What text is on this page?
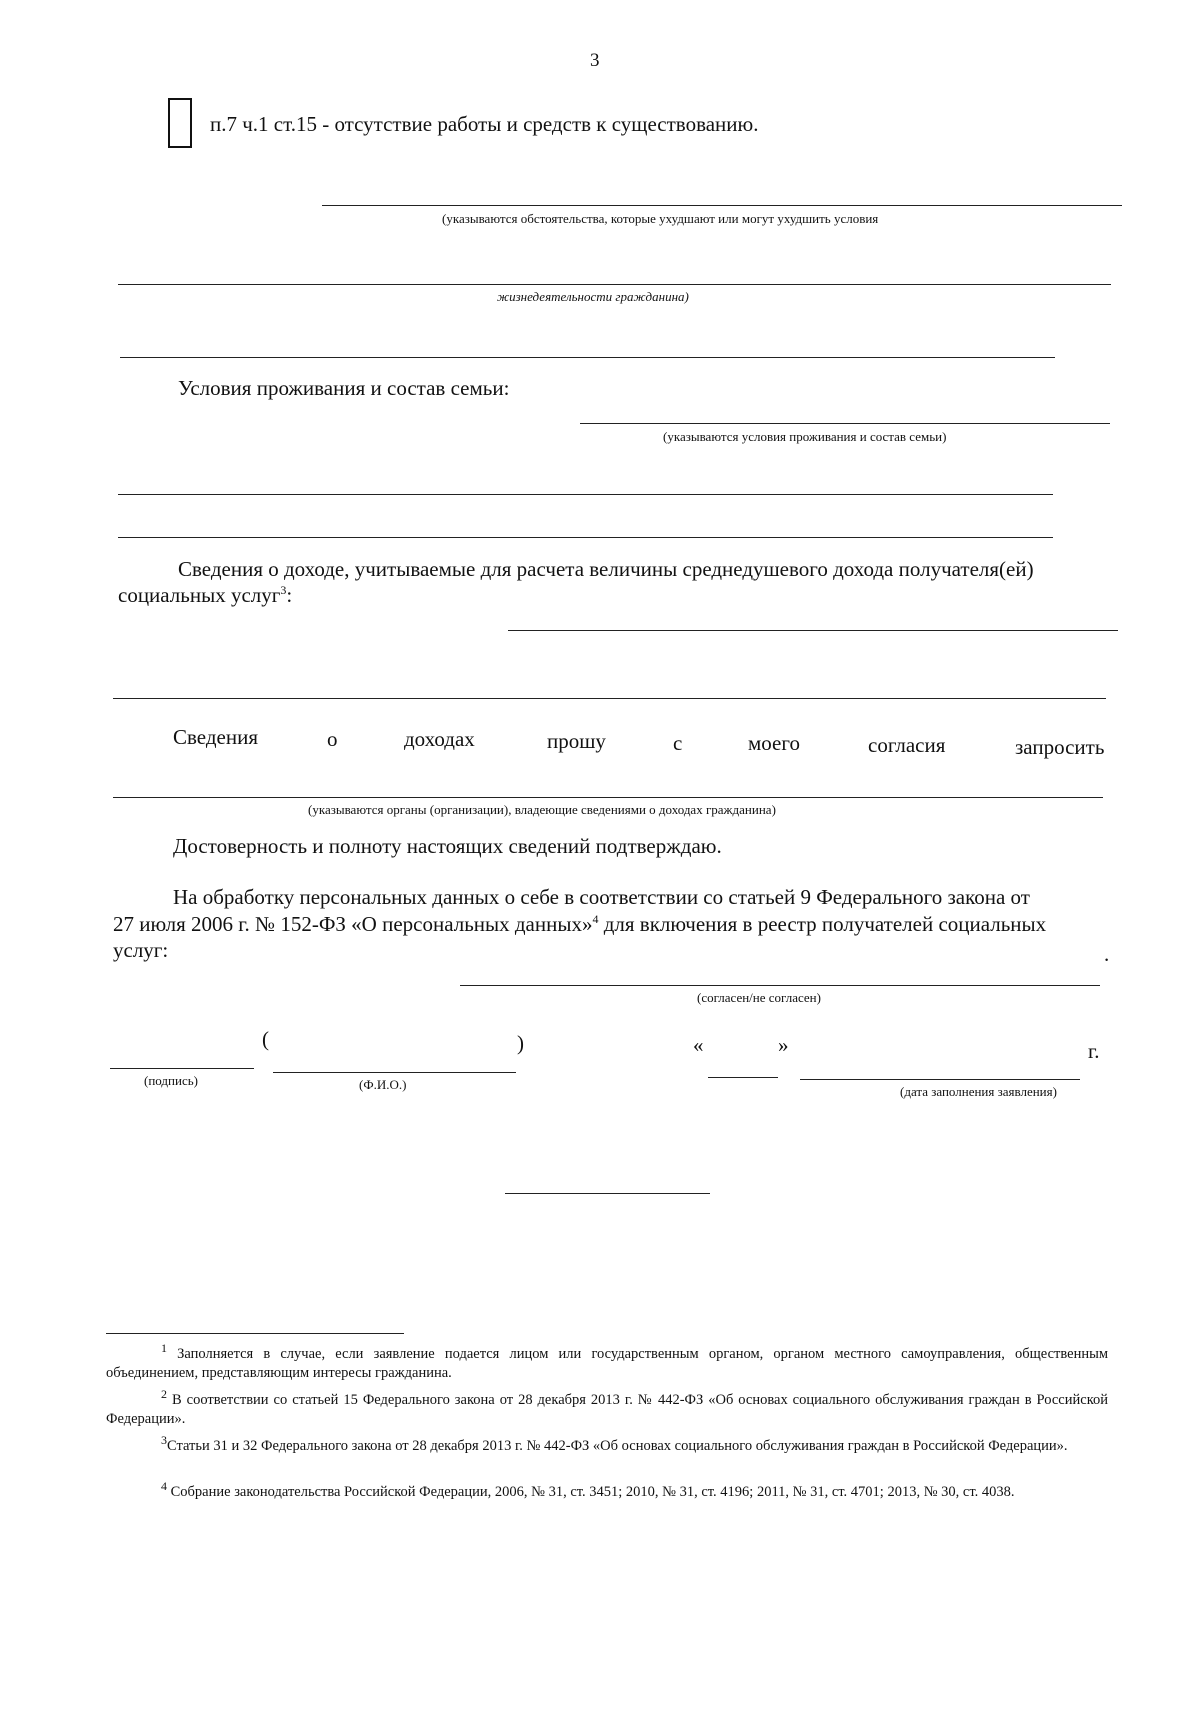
3
п.7 ч.1 ст.15 - отсутствие работы и средств к существованию.
(указываются обстоятельства, которые ухудшают или могут ухудшить условия
жизнедеятельности гражданина)
Условия проживания и состав семьи:
(указываются условия проживания и состав семьи)
Сведения о доходе, учитываемые для расчета величины среднедушевого дохода получателя(ей)
социальных услуг$^3$:
Сведения	о	доходах	прошу	с	моего	согласия	запросить
(указываются органы (организации), владеющие сведениями о доходах гражданина)
Достоверность и полноту настоящих сведений подтверждаю.
На обработку персональных данных о себе в соответствии со статьей 9 Федерального закона от
27 июля 2006 г. № 152-ФЗ «О персональных данных»$^4$ для включения в реестр получателей социальных
услуг:	.
(согласен/не согласен)
(	)	«	»	г.
(подпись)	(Ф.И.О.)	(дата заполнения заявления)
$^1$ Заполняется в случае, если заявление подается лицом или государственным органом, органом местного самоуправления, общественным объединением, представляющим интересы гражданина.
$^2$ В соответствии со статьей 15 Федерального закона от 28 декабря 2013 г. № 442-ФЗ «Об основах социального обслуживания граждан в Российской Федерации».
$^3$Статьи 31 и 32 Федерального закона от 28 декабря 2013 г. № 442-ФЗ «Об основах социального обслуживания граждан в Российской Федерации».
$^4$ Собрание законодательства Российской Федерации, 2006, № 31, ст. 3451; 2010, № 31, ст. 4196; 2011, № 31, ст. 4701; 2013, № 30, ст. 4038.
